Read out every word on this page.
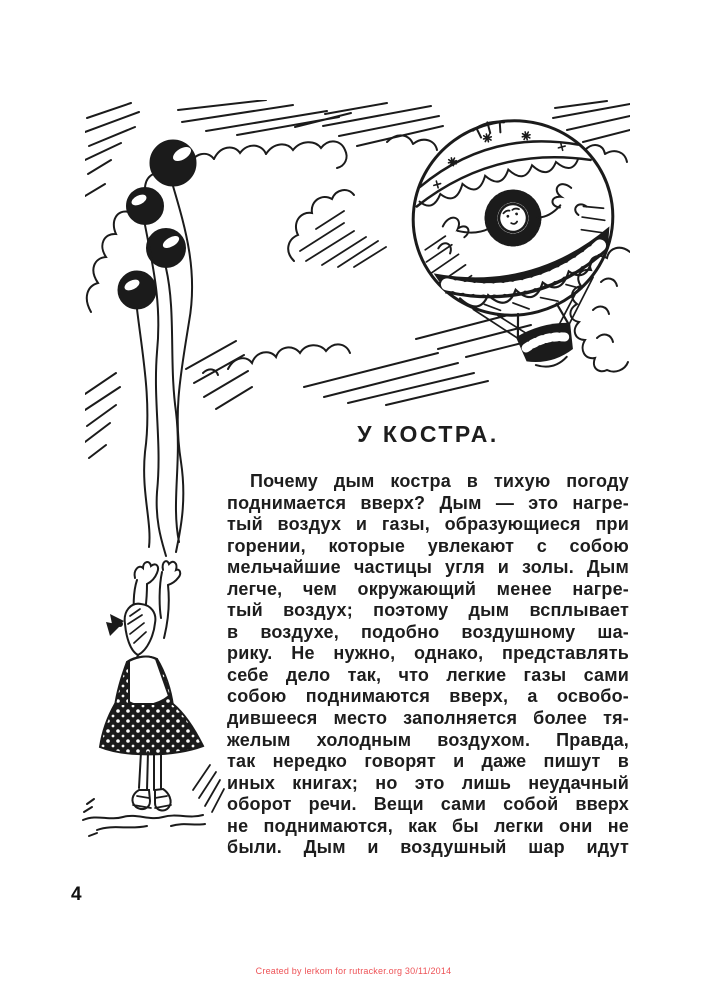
У КОСТРА.
Почему дым костра в тихую погоду
поднимается вверх? Дым — это нагре-
тый воздух и газы, образующиеся при
горении, которые увлекают с собою
мельчайшие частицы угля и золы. Дым
легче, чем окружающий менее нагре-
тый воздух; поэтому дым всплывает
в воздухе, подобно воздушному ша-
рику. Не нужно, однако, представлять
себе дело так, что легкие газы сами
собою поднимаются вверх, а освобо-
дившееся место заполняется более тя-
желым холодным воздухом. Правда,
так нередко говорят и даже пишут в
иных книгах; но это лишь неудачный
оборот речи. Вещи сами собой вверх
не поднимаются, как бы легки они не
были. Дым и воздушный шар идут
4
Created by lerkom for rutracker.org 30/11/2014
